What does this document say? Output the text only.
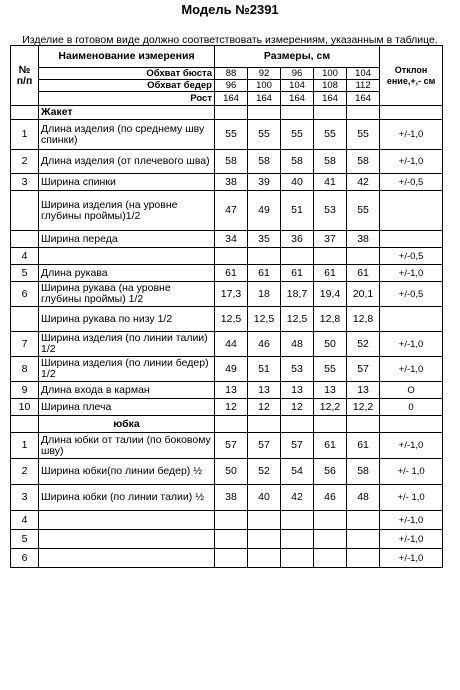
Модель №2391
Изделие в готовом виде должно соответствовать измерениям, указанным в таблице.
№ п/п	Наименование измерения	Размеры, см					Отклон ение,+,- см
	Обхват бюста	88	92	96	100	104	
	Обхват бедер	96	100	104	108	112	
	Рост	164	164	164	164	164	
	Жакет						
1	Длина изделия (по среднему шву спинки)	55	55	55	55	55	+/-1,0
2	Длина изделия (от плечевого шва)	58	58	58	58	58	+/-1,0
3	Ширина спинки	38	39	40	41	42	+/-0,5
	Ширина изделия (на уровне глубины проймы)1/2	47	49	51	53	55	
	Ширина переда	34	35	36	37	38	
4							+/-0,5
5	Длина рукава	61	61	61	61	61	+/-1,0
6	Ширина рукава (на уровне глубины проймы) 1/2	17,3	18	18,7	19,4	20,1	+/-0,5
	Ширина рукава по низу 1/2	12,5	12,5	12,5	12,8	12,8	
7	Ширина изделия (по линии талии) 1/2	44	46	48	50	52	+/-1,0
8	Ширина изделия (по линии бедер) 1/2	49	51	53	55	57	+/-1,0
9	Длина входа в карман	13	13	13	13	13	О
10	Ширина плеча	12	12	12	12,2	12,2	0
	юбка						
1	Длина юбки от талии (по боковому шву)	57	57	57	61	61	+/-1,0
2	Ширина юбки(по линии бедер) ½	50	52	54	56	58	+/- 1,0
3	Ширина юбки (по линии талии) ½	38	40	42	46	48	+/- 1,0
4							+/-1,0
5							+/-1,0
6							+/-1,0
